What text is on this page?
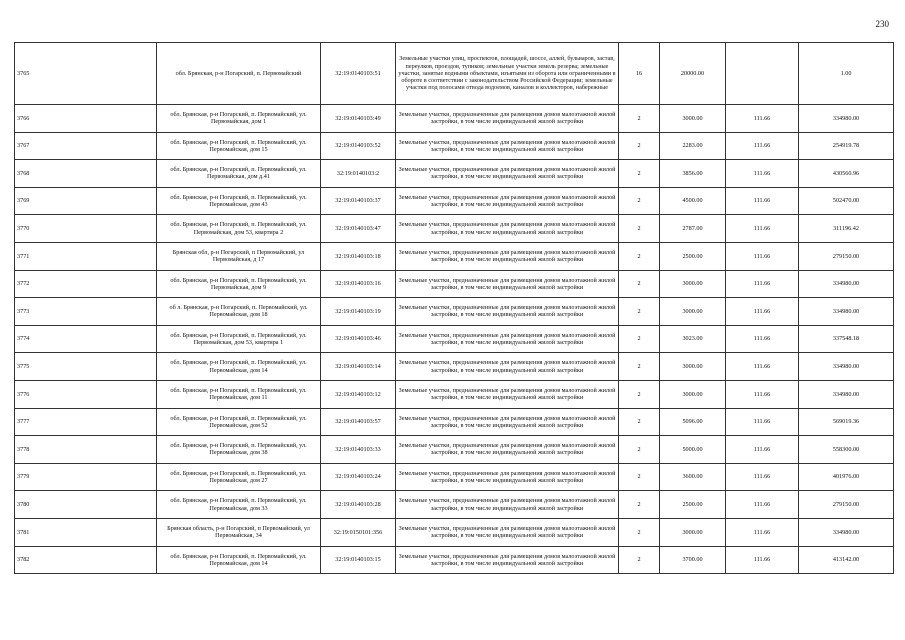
230
3765	обл. Брянская, р-н Погарский, п. Первомайский	32:19:0140103:51	Земельные участки улиц, проспектов, площадей, шоссе, аллей, бульваров, застав, переулков, проездов, тупиков; земельные участки земель резерва; земельные участки, занятые водными объектами, изъятыми из оборота или ограниченными в обороте в соответствии с законодательством Российской Федерации; земельные участки под полосами отвода водоемов, каналов и коллекторов, набережные	16	20000.00		1.00
3766	обл. Брянская, р-н Погарский, п. Первомайский, ул. Первомайская, дом 1	32:19:0140103:49	Земельные участки, предназначенные для размещения домов малоэтажной жилой застройки, в том числе индивидуальной жилой застройки	2	3000.00	111.66	334980.00
3767	обл. Брянская, р-н Погарский, п. Первомайский, ул. Первомайская, дом 15	32:19:0140103:52	Земельные участки, предназначенные для размещения домов малоэтажной жилой застройки, в том числе индивидуальной жилой застройки	2	2283.00	111.66	254919.78
3768	обл. Брянская, р-н Погарский, п. Первомайский, ул. Первомайская, дом д.41	32:19:0140103:2	Земельные участки, предназначенные для размещения домов малоэтажной жилой застройки, в том числе индивидуальной жилой застройки	2	3856.00	111.66	430560.96
3769	обл. Брянская, р-н Погарский, п. Первомайский, ул. Первомайская, дом 43	32:19:0140103:37	Земельные участки, предназначенные для размещения домов малоэтажной жилой застройки, в том числе индивидуальной жилой застройки	2	4500.00	111.66	502470.00
3770	обл. Брянская, р-н Погарский, п. Первомайский, ул. Первомайская, дом 53, квартира 2	32:19:0140103:47	Земельные участки, предназначенные для размещения домов малоэтажной жилой застройки, в том числе индивидуальной жилой застройки	2	2787.00	111.66	311196.42
3771	Брянская обл, р-н Погарский, п Первомайский, ул Первомайская, д 17	32:19:0140103:18	Земельные участки, предназначенные для размещения домов малоэтажной жилой застройки, в том числе индивидуальной жилой застройки	2	2500.00	111.66	279150.00
3772	обл. Брянская, р-н Погарский, п. Первомайский, ул. Первомайская, дом 9	32:19:0140103:16	Земельные участки, предназначенные для размещения домов малоэтажной жилой застройки, в том числе индивидуальной жилой застройки	2	3000.00	111.66	334980.00
3773	об л. Брянская, р-н Погарский, п. Первомайский, ул. Первомайская, дом 18	32:19:0140103:19	Земельные участки, предназначенные для размещения домов малоэтажной жилой застройки, в том числе индивидуальной жилой застройки	2	3000.00	111.66	334980.00
3774	обл. Брянская, р-н Погарский, п. Первомайский, ул. Первомайская, дом 53, квартира 1	32:19:0140103:46	Земельные участки, предназначенные для размещения домов малоэтажной жилой застройки, в том числе индивидуальной жилой застройки	2	3023.00	111.66	337548.18
3775	обл. Брянская, р-н Погарский, п. Первомайский, ул. Первомайская, дом 14	32:19:0140103:14	Земельные участки, предназначенные для размещения домов малоэтажной жилой застройки, в том числе индивидуальной жилой застройки	2	3000.00	111.66	334980.00
3776	обл. Брянская, р-н Погарский, п. Первомайский, ул. Первомайская, дом 11	32:19:0140103:12	Земельные участки, предназначенные для размещения домов малоэтажной жилой застройки, в том числе индивидуальной жилой застройки	2	3000.00	111.66	334980.00
3777	обл. Брянская, р-н Погарский, п. Первомайский, ул. Первомайская, дом 52	32:19:0140103:57	Земельные участки, предназначенные для размещения домов малоэтажной жилой застройки, в том числе индивидуальной жилой застройки	2	5096.00	111.66	569019.36
3778	обл. Брянская, р-н Погарский, п. Первомайский, ул. Первомайская, дом 38	32:19:0140103:33	Земельные участки, предназначенные для размещения домов малоэтажной жилой застройки, в том числе индивидуальной жилой застройки	2	5000.00	111.66	558300.00
3779	обл. Брянская, р-н Погарский, п. Первомайский, ул. Первомайская, дом 27	32:19:0140103:24	Земельные участки, предназначенные для размещения домов малоэтажной жилой застройки, в том числе индивидуальной жилой застройки	2	3600.00	111.66	401976.00
3780	обл. Брянская, р-н Погарский, п. Первомайский, ул. Первомайская, дом 33	32:19:0140103:28	Земельные участки, предназначенные для размещения домов малоэтажной жилой застройки, в том числе индивидуальной жилой застройки	2	2500.00	111.66	279150.00
3781	Брянская область, р-н Погарский, п Первомайский, ул Первомайская, 34	32:19:0150101:356	Земельные участки, предназначенные для размещения домов малоэтажной жилой застройки, в том числе индивидуальной жилой застройки	2	3000.00	111.66	334980.00
3782	обл. Брянская, р-н Погарский, п. Первомайский, ул. Первомайская, дом 14	32:19:0140103:15	Земельные участки, предназначенные для размещения домов малоэтажной жилой застройки, в том числе индивидуальной жилой застройки	2	3700.00	111.66	413142.00
